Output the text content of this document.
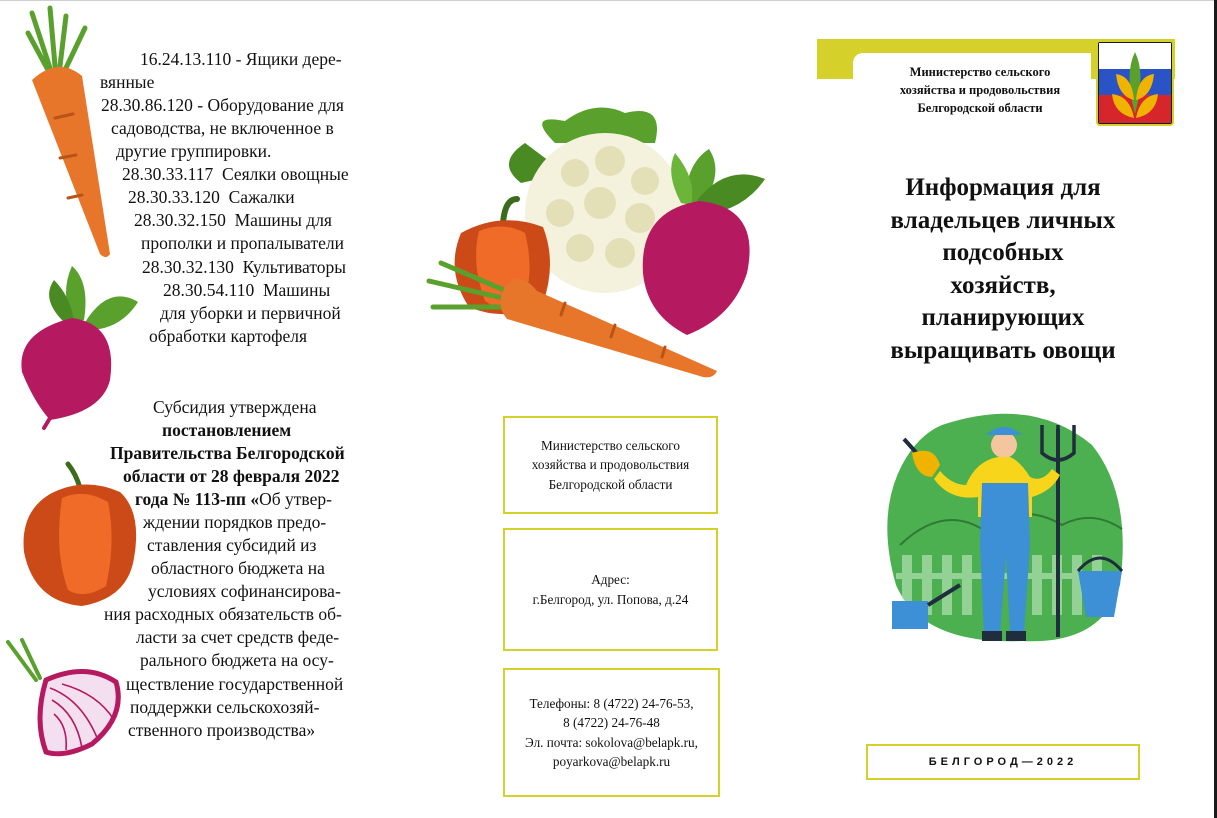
16.24.13.110 - Ящики дере-

вянные

28.30.86.120 - Оборудование для

садоводства, не включенное в

другие группировки.

28.30.33.117  Сеялки овощные

28.30.33.120  Сажалки

28.30.32.150  Машины для

прополки и пропалыватели

28.30.32.130  Культиваторы

28.30.54.110  Машины

для уборки и первичной

обработки картофеля

Субсидия утверждена

постановлением

Правительства Белгородской

области от 28 февраля 2022

года № 113-пп «Об утвер-

ждении порядков предо-

ставления субсидий из

областного бюджета на

условиях софинансирова-

ния расходных обязательств об-

ласти за счет средств феде-

рального бюджета на осу-

ществление государственной

поддержки сельскохозяй-

ственного производства»

Министерство сельского
хозяйства и продовольствия
Белгородской области
Адрес:
г.Белгород, ул. Попова, д.24
Телефоны: 8 (4722) 24-76-53,
8 (4722) 24-76-48
Эл. почта: sokolova@belapk.ru,
poyarkova@belapk.ru
Министерство сельского
хозяйства и продовольствия
Белгородской области
Информация для
владельцев личных
подсобных
хозяйств,
планирующих
выращивать овощи
БЕЛГОРОД—2022
